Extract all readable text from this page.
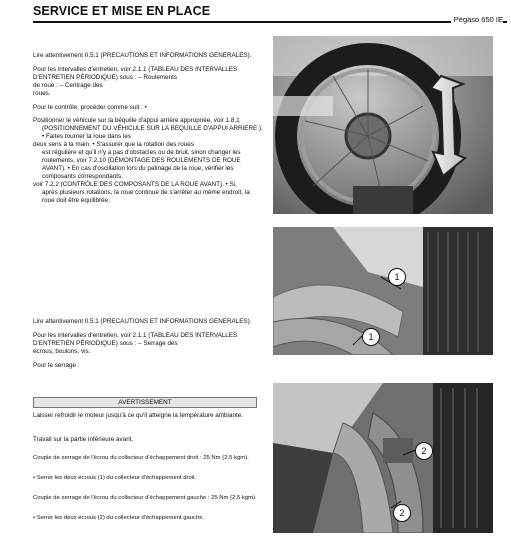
SERVICE ET MISE EN PLACE
Pegaso 650 IE

Lire attentivement 0.5.1 (PRECAUTIONS ET INFORMATIONS GENERALES).

Pour les intervalles d'entretien, voir 2.1.1 (TABLEAU DES INTERVALLES D'ENTRETIEN PÉRIODIQUE) sous : – Roulements
de roue : – Centrage des
roues.

Pour le contrôle, procéder comme suit : •

Positionner le véhicule sur la béquille d'appui arrière appropriée, voir 1.8.1

(POSITIONNEMENT DU VÉHICULE SUR LA BEQUILLE D'APPUI ARRIERE ). • Faites tourner la roue dans les
deux sens à la main. • S'assurer que la rotation des roues

est régulière et qu'il n'y a pas d'obstacles ou de bruit, sinon changer les roulements, voir 7.2.10 (DÉMONTAGE DES ROULEMENTS DE ROUE AVANT). • En cas d'oscillation lors du patinage de la roue, vérifier les composants correspondants,
voir 7.2.2 (CONTRÔLE DES COMPOSANTS DE LA ROUE AVANT). • Si,

après plusieurs rotations, la roue continue de s'arrêter au même endroit, la roue doit être équilibrée.

Lire attentivement 0.5.1 (PRECAUTIONS ET INFORMATIONS GENERALES).

Pour les intervalles d'entretien, voir 2.1.1 (TABLEAU DES INTERVALLES D'ENTRETIEN PÉRIODIQUE) sous : – Serrage des
écrous, boulons, vis.

Pour le serrage :

AVERTISSEMENT

Laisser refroidir le moteur jusqu'à ce qu'il atteigne la température ambiante.

Travail sur la partie inférieure avant.

Couple de serrage de l'écrou du collecteur d'échappement droit : 25 Nm (2,5 kgm).

• Serrer les deux écrous (1) du collecteur d'échappement droit.

Couple de serrage de l'écrou du collecteur d'échappement gauche : 25 Nm (2,5 kgm).

• Serrer les deux écrous (2) du collecteur d'échappement gauche.

1
1
2
2
